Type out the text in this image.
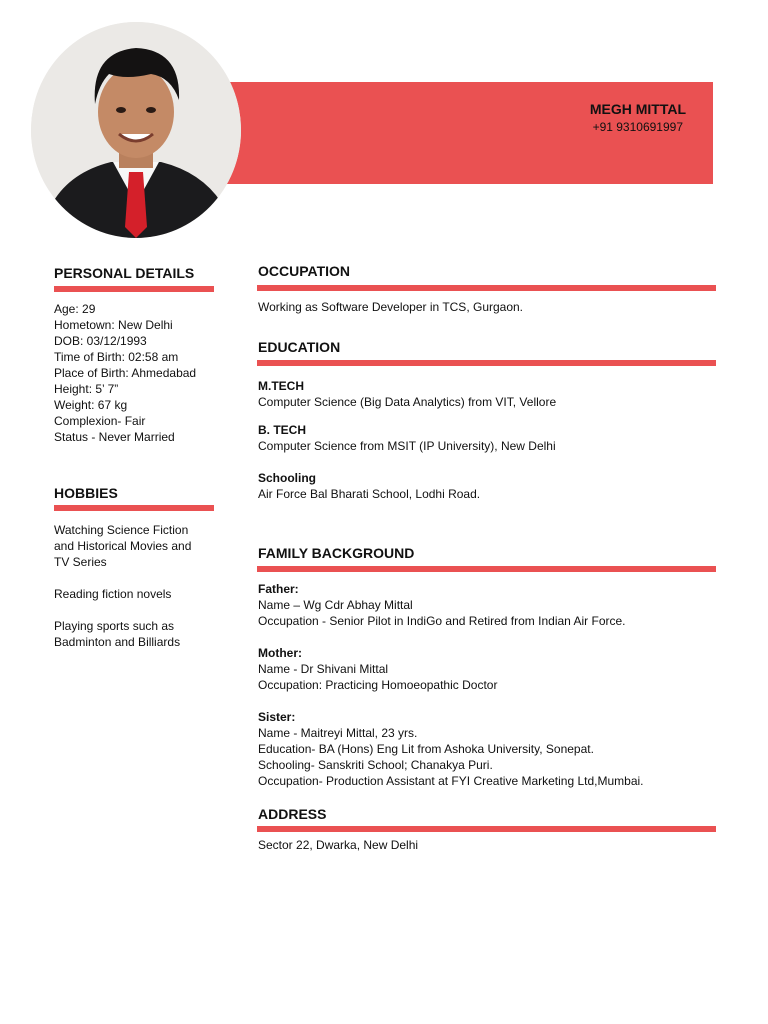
MEGH MITTAL
+91 9310691997
PERSONAL DETAILS
Age: 29
Hometown: New Delhi
DOB: 03/12/1993
Time of Birth: 02:58 am
Place of Birth: Ahmedabad
Height: 5’ 7”
Weight: 67 kg
Complexion- Fair
Status - Never Married
HOBBIES
Watching Science Fiction and Historical Movies and TV Series
Reading fiction novels
Playing sports such as Badminton and Billiards
OCCUPATION
Working as Software Developer in TCS, Gurgaon.
EDUCATION
M.TECH
Computer Science (Big Data Analytics) from VIT, Vellore
B. TECH
Computer Science from MSIT (IP University), New Delhi
Schooling
Air Force Bal Bharati School, Lodhi Road.
FAMILY BACKGROUND
Father:
Name – Wg Cdr Abhay Mittal
Occupation - Senior Pilot in IndiGo and Retired from Indian Air Force.
Mother:
Name - Dr Shivani Mittal
Occupation: Practicing Homoeopathic Doctor
Sister:
Name - Maitreyi Mittal, 23 yrs.
Education- BA (Hons) Eng Lit from Ashoka University, Sonepat.
Schooling- Sanskriti School; Chanakya Puri.
Occupation- Production Assistant at FYI Creative Marketing Ltd,Mumbai.
ADDRESS
Sector 22, Dwarka, New Delhi
